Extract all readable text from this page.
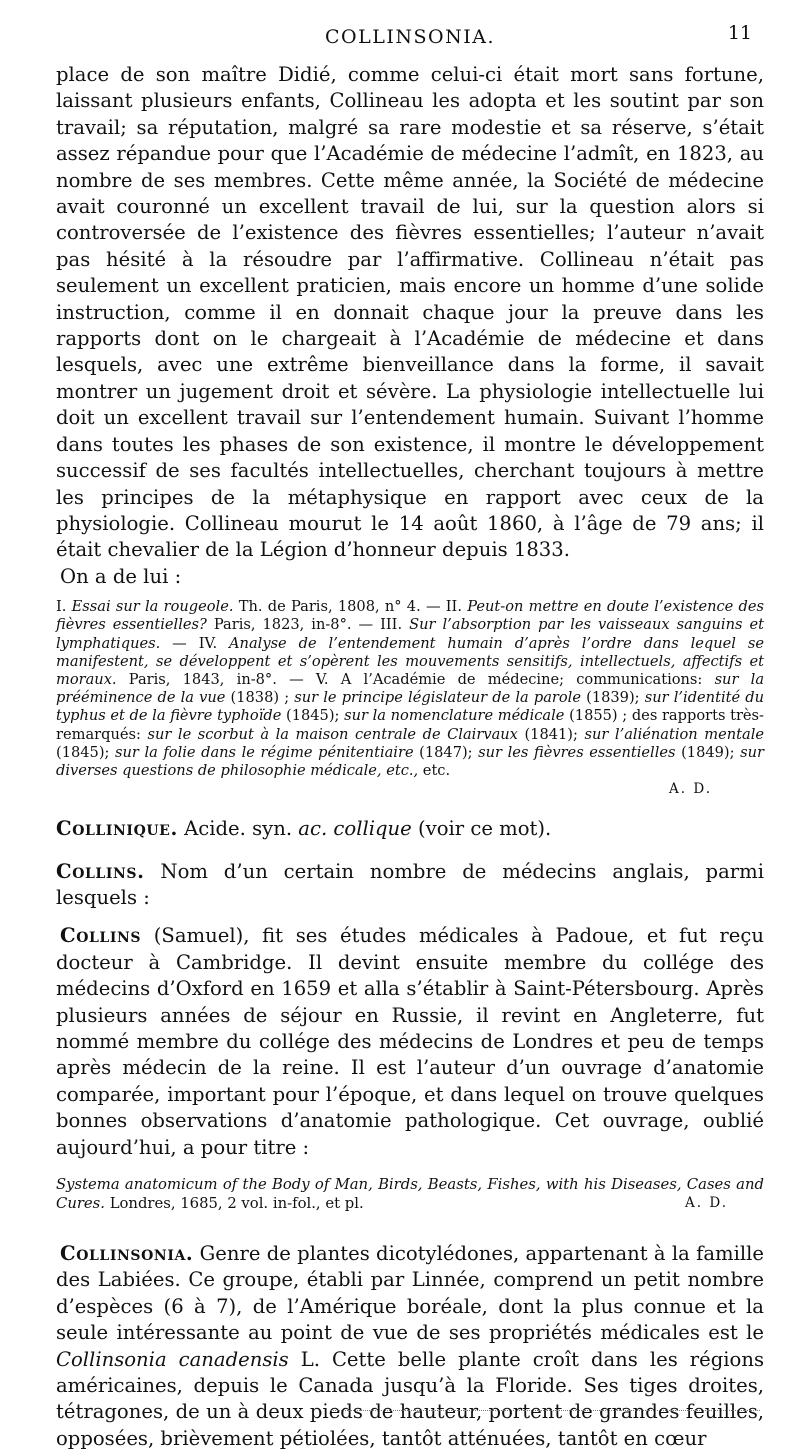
COLLINSONIA.	11

place de son maître Didié, comme celui-ci était mort sans fortune, laissant plusieurs enfants, Collineau les adopta et les soutint par son travail; sa réputation, malgré sa rare modestie et sa réserve, s’était assez répandue pour que l’Académie de médecine l’admît, en 1823, au nombre de ses membres. Cette même année, la Société de médecine avait couronné un excellent travail de lui, sur la question alors si controversée de l’existence des fièvres essentielles; l’auteur n’avait pas hésité à la résoudre par l’affirmative. Collineau n’était pas seulement un excellent praticien, mais encore un homme d’une solide instruction, comme il en donnait chaque jour la preuve dans les rapports dont on le chargeait à l’Académie de médecine et dans lesquels, avec une extrême bienveillance dans la forme, il savait montrer un jugement droit et sévère. La physiologie intellectuelle lui doit un excellent travail sur l’entendement humain. Suivant l’homme dans toutes les phases de son existence, il montre le développement successif de ses facultés intellectuelles, cherchant toujours à mettre les principes de la métaphysique en rapport avec ceux de la physiologie. Collineau mourut le 14 août 1860, à l’âge de 79 ans; il était chevalier de la Légion d’honneur depuis 1833.

On a de lui :

I. Essai sur la rougeole. Th. de Paris, 1808, n° 4. — II. Peut-on mettre en doute l’existence des fièvres essentielles? Paris, 1823, in-8°. — III. Sur l’absorption par les vaisseaux sanguins et lymphatiques. — IV. Analyse de l’entendement humain d’après l’ordre dans lequel se manifestent, se développent et s’opèrent les mouvements sensitifs, intellectuels, affectifs et moraux. Paris, 1843, in-8°. — V. A l’Académie de médecine; communications: sur la prééminence de la vue (1838) ; sur le principe législateur de la parole (1839); sur l’identité du typhus et de la fièvre typhoïde (1845); sur la nomenclature médicale (1855) ; des rapports très-remarqués: sur le scorbut à la maison centrale de Clairvaux (1841); sur l’aliénation mentale (1845); sur la folie dans le régime pénitentiaire (1847); sur les fièvres essentielles (1849); sur diverses questions de philosophie médicale, etc., etc.

A. D.

Collinique. Acide. syn. ac. collique (voir ce mot).

Collins. Nom d’un certain nombre de médecins anglais, parmi lesquels :

Collins (Samuel), fit ses études médicales à Padoue, et fut reçu docteur à Cambridge. Il devint ensuite membre du collége des médecins d’Oxford en 1659 et alla s’établir à Saint-Pétersbourg. Après plusieurs années de séjour en Russie, il revint en Angleterre, fut nommé membre du collége des médecins de Londres et peu de temps après médecin de la reine. Il est l’auteur d’un ouvrage d’anatomie comparée, important pour l’époque, et dans lequel on trouve quelques bonnes observations d’anatomie pathologique. Cet ouvrage, oublié aujourd’hui, a pour titre :

Systema anatomicum of the Body of Man, Birds, Beasts, Fishes, with his Diseases, Cases and Cures. Londres, 1685, 2 vol. in-fol., et pl.	A. D.

Collinsonia. Genre de plantes dicotylédones, appartenant à la famille des Labiées. Ce groupe, établi par Linnée, comprend un petit nombre d’espèces (6 à 7), de l’Amérique boréale, dont la plus connue et la seule intéressante au point de vue de ses propriétés médicales est le Collinsonia canadensis L. Cette belle plante croît dans les régions américaines, depuis le Canada jusqu’à la Floride. Ses tiges droites, tétragones, de un à deux pieds de hauteur, portent de grandes feuilles, opposées, brièvement pétiolées, tantôt atténuées, tantôt en cœur
